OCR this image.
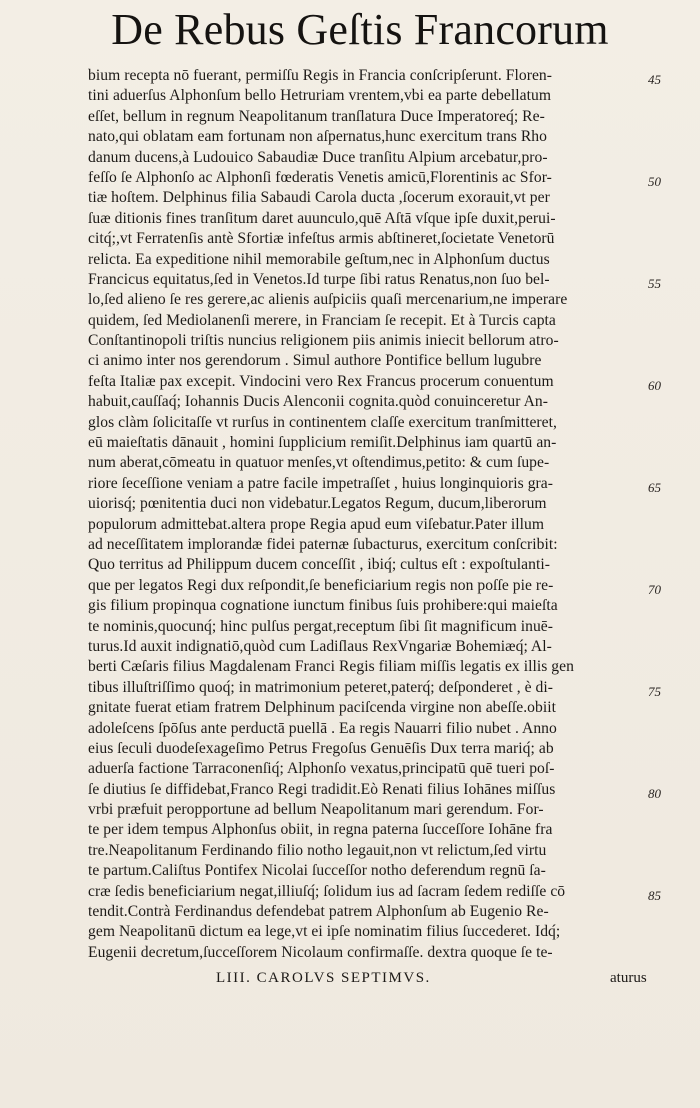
De Rebus Geſtis Francorum
bium recepta nō fuerant, permiſſu Regis in Francia conſcripſerunt. Floren-
tini aduerſus Alphonſum bello Hetruriam vrentem,vbi ea parte debellatum
eſſet, bellum in regnum Neapolitanum tranſlatura Duce Imperatoreq́; Re-
nato,qui oblatam eam fortunam non aſpernatus,hunc exercitum trans Rho
danum ducens,à Ludouico Sabaudiæ Duce tranſitu Alpium arcebatur,pro-
feſſo ſe Alphonſo ac Alphonſi fœderatis Venetis amicū,Florentinis ac Sfor-
tiæ hoſtem. Delphinus filia Sabaudi Carola ducta ,ſocerum exorauit,vt per
ſuæ ditionis fines tranſitum daret auunculo,quē Aſtā vſque ipſe duxit,perui-
citq́;,vt Ferratenſis antè Sfortiæ infeſtus armis abſtineret,ſocietate Venetorū
relicta. Ea expeditione nihil memorabile geſtum,nec in Alphonſum ductus
Francicus equitatus,ſed in Venetos.Id turpe ſibi ratus Renatus,non ſuo bel-
lo,ſed alieno ſe res gerere,ac alienis auſpiciis quaſi mercenarium,ne imperare
quidem, ſed Mediolanenſi merere, in Franciam ſe recepit. Et à Turcis capta
Conſtantinopoli triſtis nuncius religionem piis animis iniecit bellorum atro-
ci animo inter nos gerendorum . Simul authore Pontifice bellum lugubre
feſta Italiæ pax excepit. Vindocini vero Rex Francus procerum conuentum
habuit,cauſſaq́; Iohannis Ducis Alenconii cognita.quòd conuinceretur An-
glos clàm ſolicitaſſe vt rurſus in continentem claſſe exercitum tranſmitteret,
eū maieſtatis dānauit , homini ſupplicium remiſit.Delphinus iam quartū an-
num aberat,cōmeatu in quatuor menſes,vt oſtendimus,petito: & cum ſupe-
riore ſeceſſione veniam a patre facile impetraſſet , huius longinquioris gra-
uiorisq́; pœnitentia duci non videbatur.Legatos Regum, ducum,liberorum
populorum admittebat.altera prope Regia apud eum viſebatur.Pater illum
ad neceſſitatem implorandæ fidei paternæ ſubacturus, exercitum conſcribit:
Quo territus ad Philippum ducem conceſſit , ibiq́; cultus eſt : expoſtulanti-
que per legatos Regi dux reſpondit,ſe beneficiarium regis non poſſe pie re-
gis filium propinqua cognatione iunctum finibus ſuis prohibere:qui maieſta
te nominis,quocunq́; hinc pulſus pergat,receptum ſibi ſit magnificum inuē-
turus.Id auxit indignatiō,quòd cum Ladiſlaus RexVngariæ Bohemiæq́; Al-
berti Cæſaris filius Magdalenam Franci Regis filiam miſſis legatis ex illis gen
tibus illuſtriſſimo quoq́; in matrimonium peteret,paterq́; deſponderet , è di-
gnitate fuerat etiam fratrem Delphinum paciſcenda virgine non abeſſe.obiit
adoleſcens ſpōſus ante perductā puellā . Ea regis Nauarri filio nubet . Anno
eius ſeculi duodeſexageſimo Petrus Fregoſus Genuēſis Dux terra mariq́; ab
aduerſa factione Tarraconenſiq́; Alphonſo vexatus,principatū quē tueri poſ-
ſe diutius ſe diffidebat,Franco Regi tradidit.Eò Renati filius Iohānes miſſus
vrbi præfuit peropportune ad bellum Neapolitanum mari gerendum. For-
te per idem tempus Alphonſus obiit, in regna paterna ſucceſſore Iohāne fra
tre.Neapolitanum Ferdinando filio notho legauit,non vt relictum,ſed virtu
te partum.Caliſtus Pontifex Nicolai ſucceſſor notho deferendum regnū ſa-
cræ ſedis beneficiarium negat,illiuſq́; ſolidum ius ad ſacram ſedem rediſſe cō
tendit.Contrà Ferdinandus defendebat patrem Alphonſum ab Eugenio Re-
gem Neapolitanū dictum ea lege,vt ei ipſe nominatim filius ſuccederet. Idq́;
Eugenii decretum,ſucceſſorem Nicolaum confirmaſſe. dextra quoque ſe te-
45
50
55
60
65
70
75
80
85
LIII. CAROLVS SEPTIMVS.	aturus
